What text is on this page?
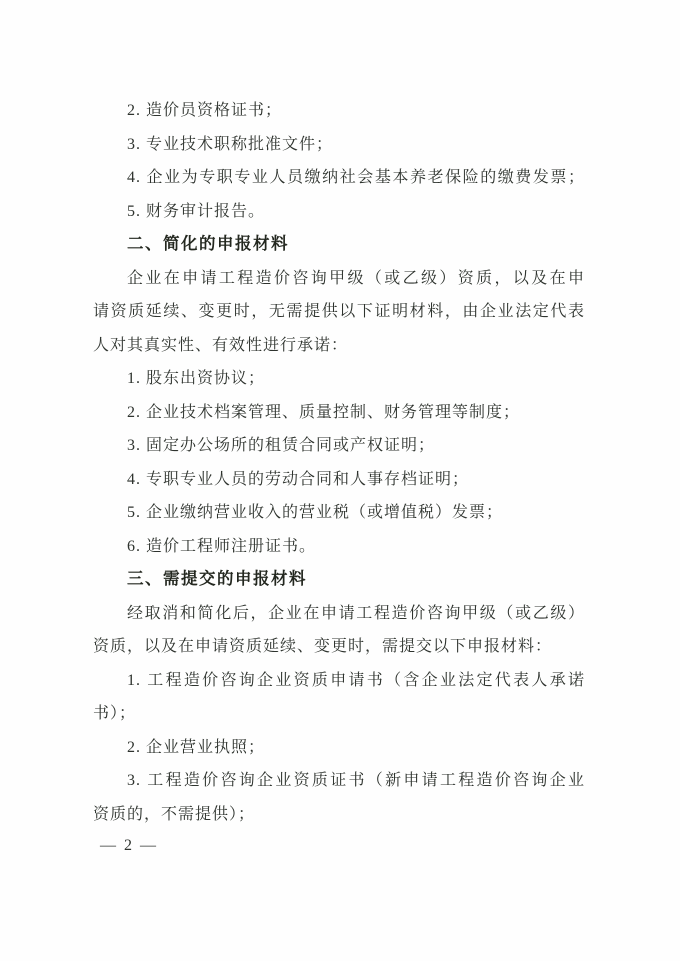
2. 造价员资格证书；
3. 专业技术职称批准文件；
4. 企业为专职专业人员缴纳社会基本养老保险的缴费发票；
5. 财务审计报告。
二、简化的申报材料
企业在申请工程造价咨询甲级（或乙级）资质，以及在申
请资质延续、变更时，无需提供以下证明材料，由企业法定代表
人对其真实性、有效性进行承诺：
1. 股东出资协议；
2. 企业技术档案管理、质量控制、财务管理等制度；
3. 固定办公场所的租赁合同或产权证明；
4. 专职专业人员的劳动合同和人事存档证明；
5. 企业缴纳营业收入的营业税（或增值税）发票；
6. 造价工程师注册证书。
三、需提交的申报材料
经取消和简化后，企业在申请工程造价咨询甲级（或乙级）
资质，以及在申请资质延续、变更时，需提交以下申报材料：
1. 工程造价咨询企业资质申请书（含企业法定代表人承诺
书）；
2. 企业营业执照；
3. 工程造价咨询企业资质证书（新申请工程造价咨询企业
资质的，不需提供）；
— 2 —
